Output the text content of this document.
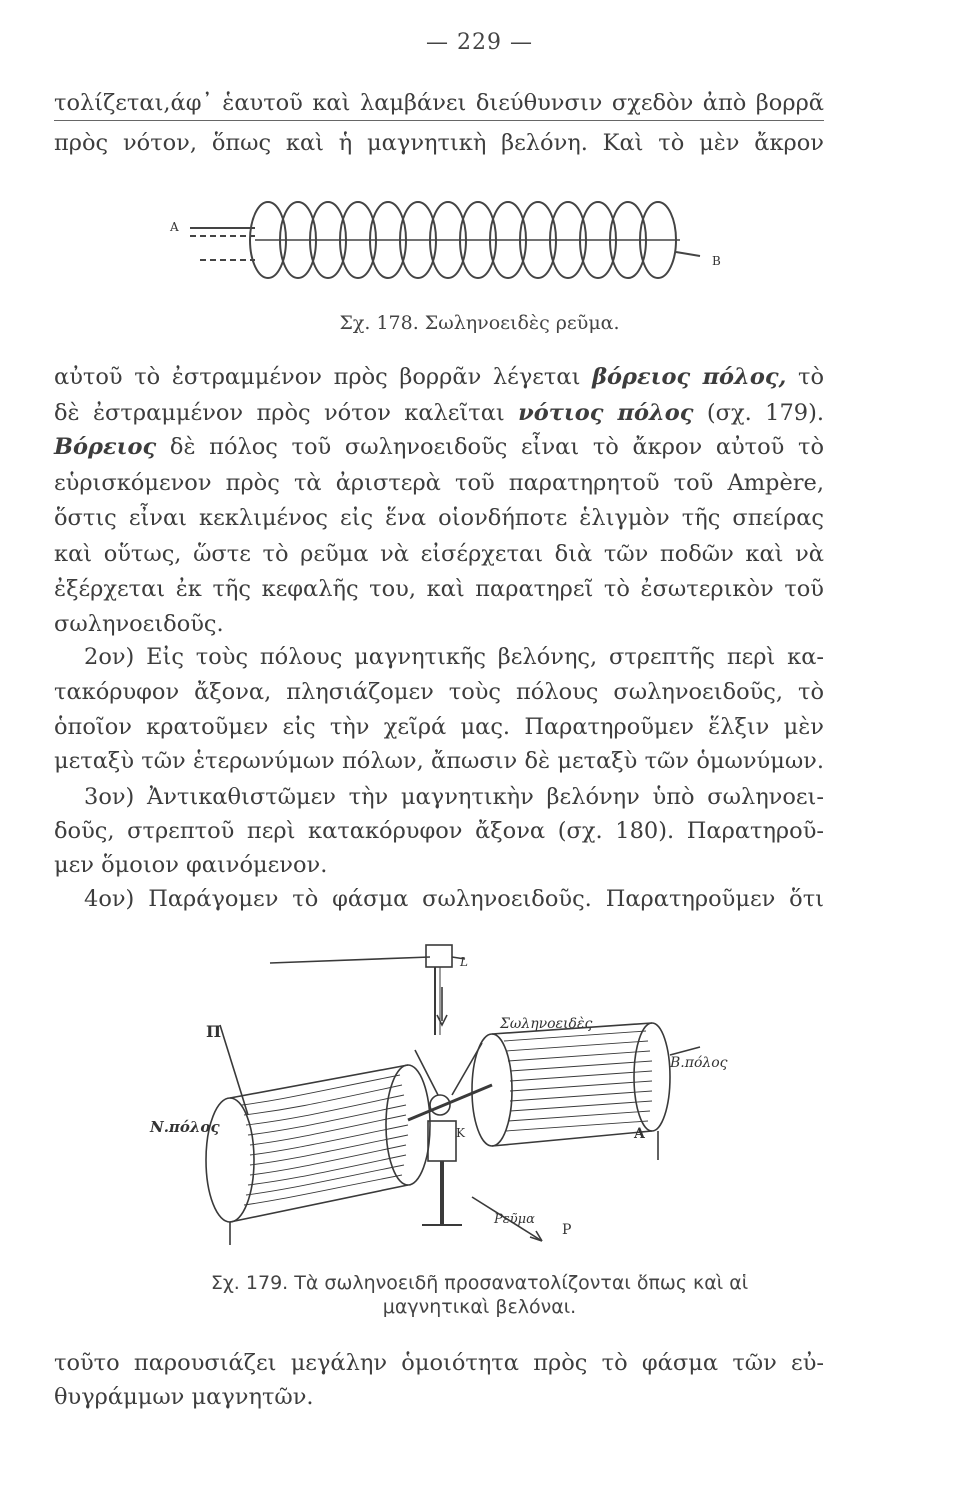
— 229 —
τολίζεται,άφ᾽ ἑαυτοῦ καὶ λαμβάνει διεύθυνσιν σχεδὸν ἀπὸ βορρᾶ
πρὸς νότον, ὅπως καὶ ἡ μαγνητικὴ βελόνη. Καὶ τὸ μὲν ἄκρον
A
B
Σχ. 178. Σωληνοειδὲς ρεῦμα.
αὐτοῦ τὸ ἐστραμμένον πρὸς βορρᾶν λέγεται βόρειος πόλος, τὸ
δὲ ἐστραμμένον πρὸς νότον καλεῖται νότιος πόλος (σχ. 179).
Βόρειος δὲ πόλος τοῦ σωληνοειδοῦς εἶναι τὸ ἄκρον αὐτοῦ τὸ
εὑρισκόμενον πρὸς τὰ ἀριστερὰ τοῦ παρατηρητοῦ τοῦ Ampère,
ὅστις εἶναι κεκλιμένος εἰς ἕνα οἱονδήποτε ἑλιγμὸν τῆς σπείρας
καὶ οὕτως, ὥστε τὸ ρεῦμα νὰ εἰσέρχεται διὰ τῶν ποδῶν καὶ νὰ
ἐξέρχεται ἐκ τῆς κεφαλῆς του, καὶ παρατηρεῖ τὸ ἐσωτερικὸν τοῦ
σωληνοειδοῦς.
2ον) Εἰς τοὺς πόλους μαγνητικῆς βελόνης, στρεπτῆς περὶ κα-
τακόρυφον ἄξονα, πλησιάζομεν τοὺς πόλους σωληνοειδοῦς, τὸ
ὁποῖον κρατοῦμεν εἰς τὴν χεῖρά μας. Παρατηροῦμεν ἕλξιν μὲν
μεταξὺ τῶν ἑτερωνύμων πόλων, ἄπωσιν δὲ μεταξὺ τῶν ὁμωνύμων.
3ον) Ἀντικαθιστῶμεν τὴν μαγνητικὴν βελόνην ὑπὸ σωληνοει-
δοῦς, στρεπτοῦ περὶ κατακόρυφον ἄξονα (σχ. 180). Παρατηροῦ-
μεν ὅμοιον φαινόμενον.
4ον) Παράγομεν τὸ φάσμα σωληνοειδοῦς. Παρατηροῦμεν ὅτι
Π
Ν.πόλος
Β.πόλος
Σωληνοειδὲς
A
K
L
Ρεῦμα
P
Σχ. 179. Τὰ σωληνοειδῆ προσανατολίζονται ὅπως καὶ αἱ
μαγνητικαὶ βελόναι.
τοῦτο παρουσιάζει μεγάλην ὁμοιότητα πρὸς τὸ φάσμα τῶν εὐ-
θυγράμμων μαγνητῶν.
